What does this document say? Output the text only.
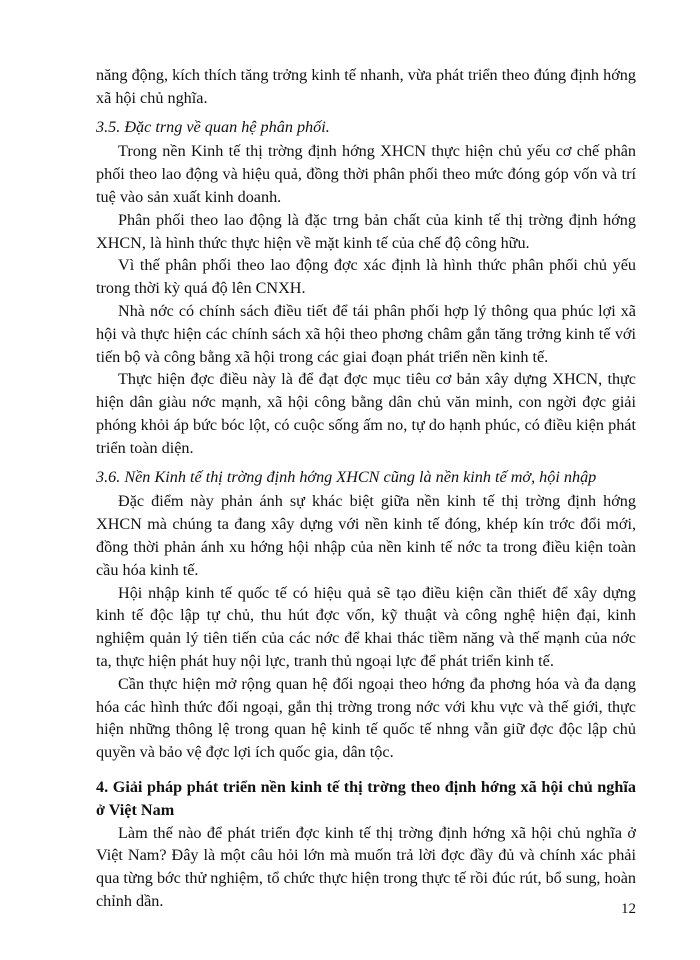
năng động, kích thích tăng trởng kinh tế nhanh, vừa phát triển theo đúng định hớng xã hội chủ nghĩa.

3.5. Đặc trng về quan hệ phân phối.

Trong nền Kinh tế thị trờng định hớng XHCN thực hiện chủ yếu cơ chế phân phối theo lao động và hiệu quả, đồng thời phân phối theo mức đóng góp vốn và trí tuệ vào sản xuất kinh doanh.

Phân phối theo lao động là đặc trng bản chất của kinh tế thị trờng định hớng XHCN, là hình thức thực hiện về mặt kinh tế của chế độ công hữu.

Vì thế phân phối theo lao động đợc xác định là hình thức phân phối chủ yếu trong thời kỳ quá độ lên CNXH.

Nhà nớc có chính sách điều tiết để tái phân phối hợp lý thông qua phúc lợi xã hội và thực hiện các chính sách xã hội theo phơng châm gắn tăng trởng kinh tế với tiến bộ và công bằng xã hội trong các giai đoạn phát triển nền kinh tế.

Thực hiện đợc điều này là để đạt đợc mục tiêu cơ bản xây dựng XHCN, thực hiện dân giàu nớc mạnh, xã hội công bằng dân chủ văn minh, con ngời đợc giải phóng khỏi áp bức bóc lột, có cuộc sống ấm no, tự do hạnh phúc, có điều kiện phát triển toàn diện.

3.6. Nền Kinh tế thị trờng định hớng XHCN cũng là nền kinh tế mở, hội nhập

Đặc điểm này phản ánh sự khác biệt giữa nền kinh tế thị trờng định hớng XHCN mà chúng ta đang xây dựng với nền kinh tế đóng, khép kín trớc đổi mới, đồng thời phản ánh xu hớng hội nhập của nền kinh tế nớc ta trong điều kiện toàn cầu hóa kinh tế.

Hội nhập kinh tế quốc tế có hiệu quả sẽ tạo điều kiện cần thiết để xây dựng kinh tế độc lập tự chủ, thu hút đợc vốn, kỹ thuật và công nghệ hiện đại, kinh nghiệm quản lý tiên tiến của các nớc để khai thác tiềm năng và thế mạnh của nớc ta, thực hiện phát huy nội lực, tranh thủ ngoại lực để phát triển kinh tế.

Cần thực hiện mở rộng quan hệ đối ngoại theo hớng đa phơng hóa và đa dạng hóa các hình thức đối ngoại, gắn thị trờng trong nớc với khu vực và thế giới, thực hiện những thông lệ trong quan hệ kinh tế quốc tế nhng vẫn giữ đợc độc lập chủ quyền và bảo vệ đợc lợi ích quốc gia, dân tộc.

4. Giải pháp phát triển nền kinh tế thị trờng theo định hớng xã hội chủ nghĩa ở Việt Nam

Làm thế nào để phát triển đợc kinh tế thị trờng định hớng xã hội chủ nghĩa ở Việt Nam? Đây là một câu hỏi lớn mà muốn trả lời đợc đầy đủ và chính xác phải qua từng bớc thử nghiệm, tổ chức thực hiện trong thực tế rồi đúc rút, bổ sung, hoàn chỉnh dần.	12
